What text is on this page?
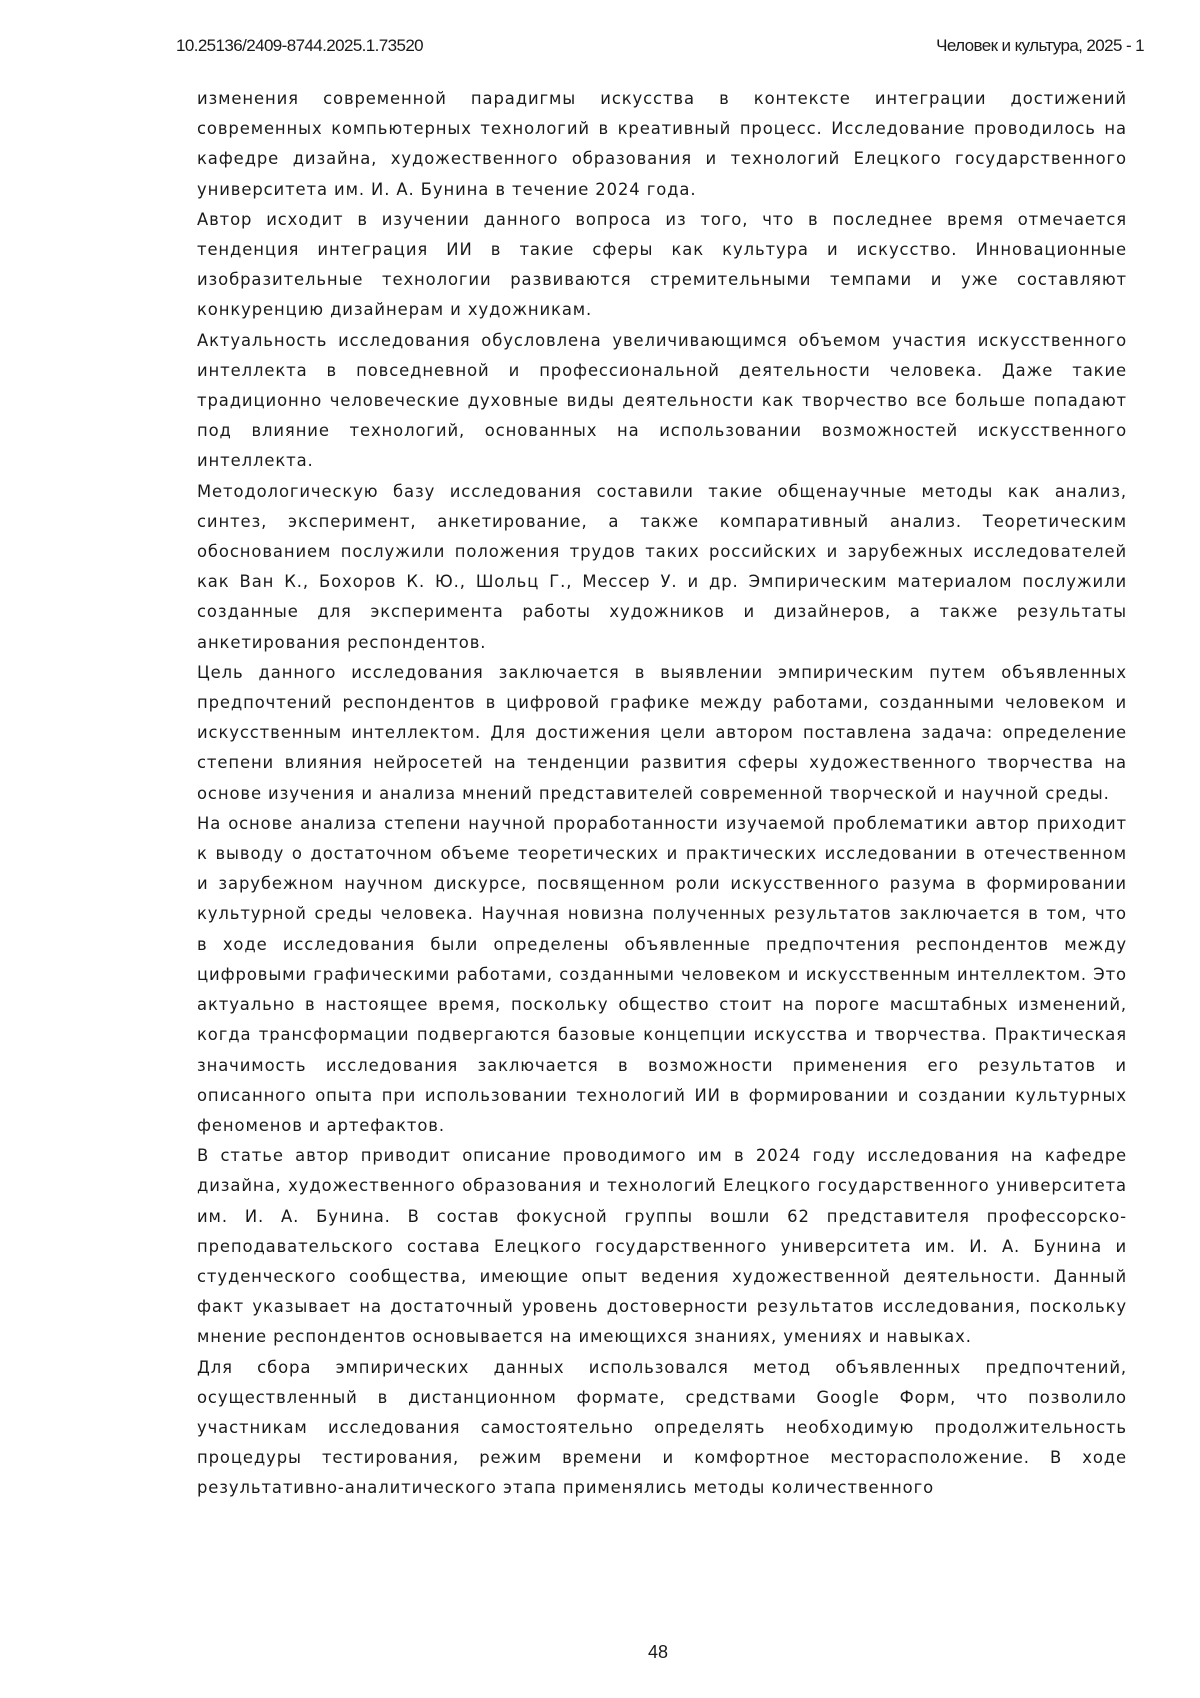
10.25136/2409-8744.2025.1.73520	Человек и культура, 2025 - 1

изменения современной парадигмы искусства в контексте интеграции достижений современных компьютерных технологий в креативный процесс. Исследование проводилось на кафедре дизайна, художественного образования и технологий Елецкого государственного университета им. И. А. Бунина в течение 2024 года.

Автор исходит в изучении данного вопроса из того, что в последнее время отмечается тенденция интеграция ИИ в такие сферы как культура и искусство. Инновационные изобразительные технологии развиваются стремительными темпами и уже составляют конкуренцию дизайнерам и художникам.

Актуальность исследования обусловлена увеличивающимся объемом участия искусственного интеллекта в повседневной и профессиональной деятельности человека. Даже такие традиционно человеческие духовные виды деятельности как творчество все больше попадают под влияние технологий, основанных на использовании возможностей искусственного интеллекта.

Методологическую базу исследования составили такие общенаучные методы как анализ, синтез, эксперимент, анкетирование, а также компаративный анализ. Теоретическим обоснованием послужили положения трудов таких российских и зарубежных исследователей как Ван К., Бохоров К. Ю., Шольц Г., Мессер У. и др. Эмпирическим материалом послужили созданные для эксперимента работы художников и дизайнеров, а также результаты анкетирования респондентов.

Цель данного исследования заключается в выявлении эмпирическим путем объявленных предпочтений респондентов в цифровой графике между работами, созданными человеком и искусственным интеллектом. Для достижения цели автором поставлена задача: определение степени влияния нейросетей на тенденции развития сферы художественного творчества на основе изучения и анализа мнений представителей современной творческой и научной среды.

На основе анализа степени научной проработанности изучаемой проблематики автор приходит к выводу о достаточном объеме теоретических и практических исследовании в отечественном и зарубежном научном дискурсе, посвященном роли искусственного разума в формировании культурной среды человека. Научная новизна полученных результатов заключается в том, что в ходе исследования были определены объявленные предпочтения респондентов между цифровыми графическими работами, созданными человеком и искусственным интеллектом. Это актуально в настоящее время, поскольку общество стоит на пороге масштабных изменений, когда трансформации подвергаются базовые концепции искусства и творчества. Практическая значимость исследования заключается в возможности применения его результатов и описанного опыта при использовании технологий ИИ в формировании и создании культурных феноменов и артефактов.

В статье автор приводит описание проводимого им в 2024 году исследования на кафедре дизайна, художественного образования и технологий Елецкого государственного университета им. И. А. Бунина. В состав фокусной группы вошли 62 представителя профессорско-преподавательского состава Елецкого государственного университета им. И. А. Бунина и студенческого сообщества, имеющие опыт ведения художественной деятельности. Данный факт указывает на достаточный уровень достоверности результатов исследования, поскольку мнение респондентов основывается на имеющихся знаниях, умениях и навыках.

Для сбора эмпирических данных использовался метод объявленных предпочтений, осуществленный в дистанционном формате, средствами Google Форм, что позволило участникам исследования самостоятельно определять необходимую продолжительность процедуры тестирования, режим времени и комфортное месторасположение. В ходе результативно-аналитического этапа применялись методы количественного

48
